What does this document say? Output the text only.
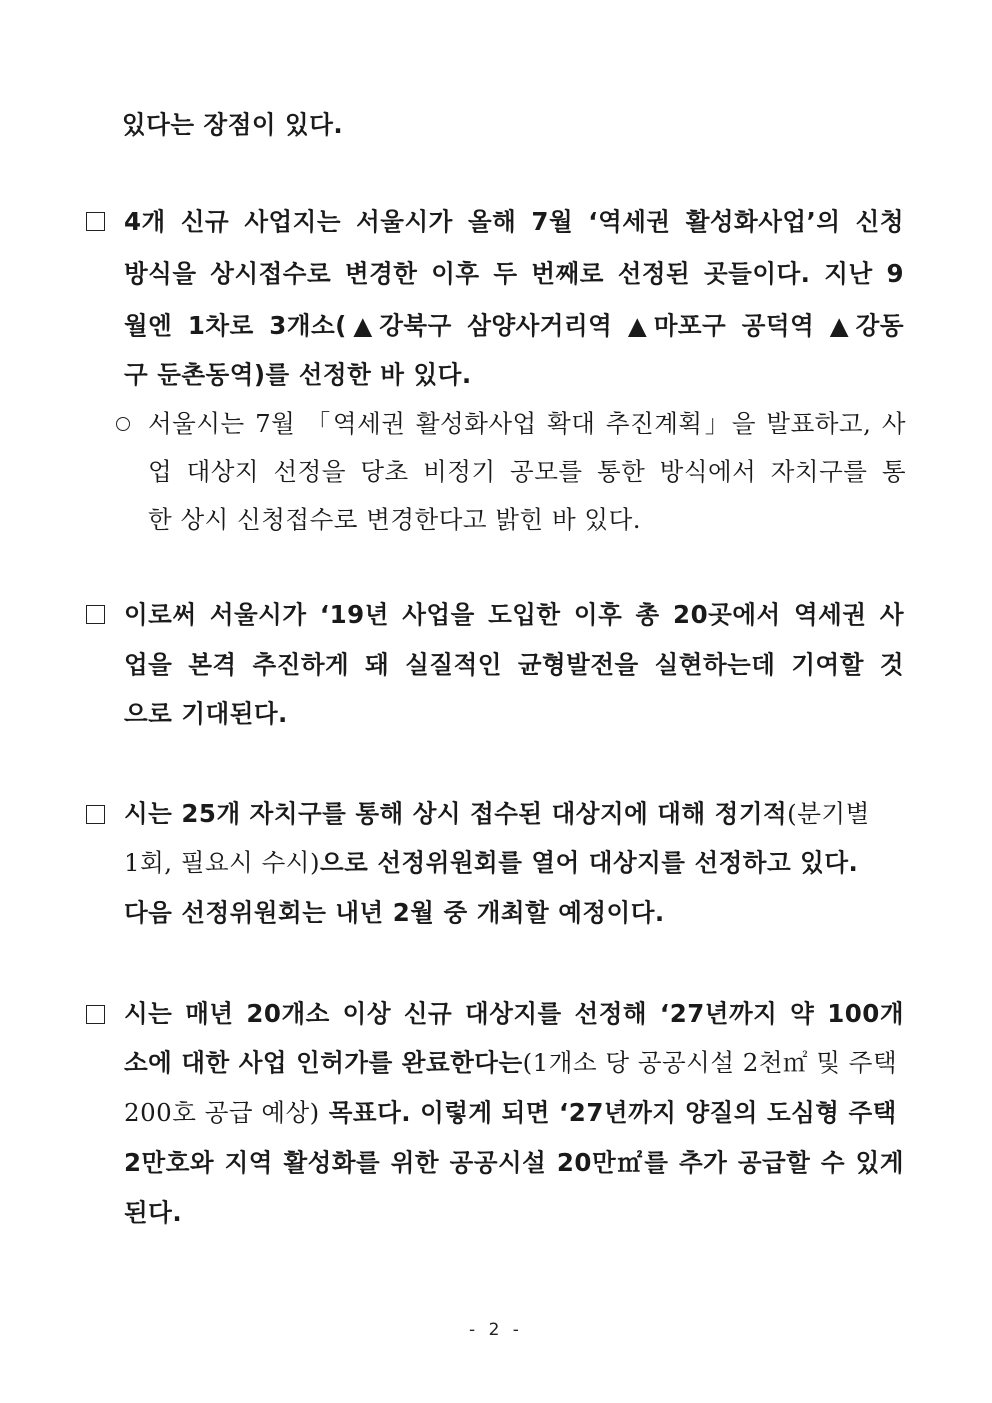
있다는 장점이 있다.
4개 신규 사업지는 서울시가 올해 7월 ‘역세권 활성화사업’의 신청
방식을 상시접수로 변경한 이후 두 번째로 선정된 곳들이다. 지난 9
월엔 1차로 3개소(▲강북구 삼양사거리역 ▲마포구 공덕역 ▲강동
구 둔촌동역)를 선정한 바 있다.
서울시는 7월 「역세권 활성화사업 확대 추진계획」을 발표하고, 사
업 대상지 선정을 당초 비정기 공모를 통한 방식에서 자치구를 통
한 상시 신청접수로 변경한다고 밝힌 바 있다.
이로써 서울시가 ‘19년 사업을 도입한 이후 총 20곳에서 역세권 사
업을 본격 추진하게 돼 실질적인 균형발전을 실현하는데 기여할 것
으로 기대된다.
시는 25개 자치구를 통해 상시 접수된 대상지에 대해 정기적(분기별
1회, 필요시 수시)으로 선정위원회를 열어 대상지를 선정하고 있다.
다음 선정위원회는 내년 2월 중 개최할 예정이다.
시는 매년 20개소 이상 신규 대상지를 선정해 ‘27년까지 약 100개
소에 대한 사업 인허가를 완료한다는(1개소 당 공공시설 2천㎡ 및 주택
200호 공급 예상) 목표다. 이렇게 되면 ‘27년까지 양질의 도심형 주택
2만호와 지역 활성화를 위한 공공시설 20만㎡를 추가 공급할 수 있게
된다.
- 2 -
